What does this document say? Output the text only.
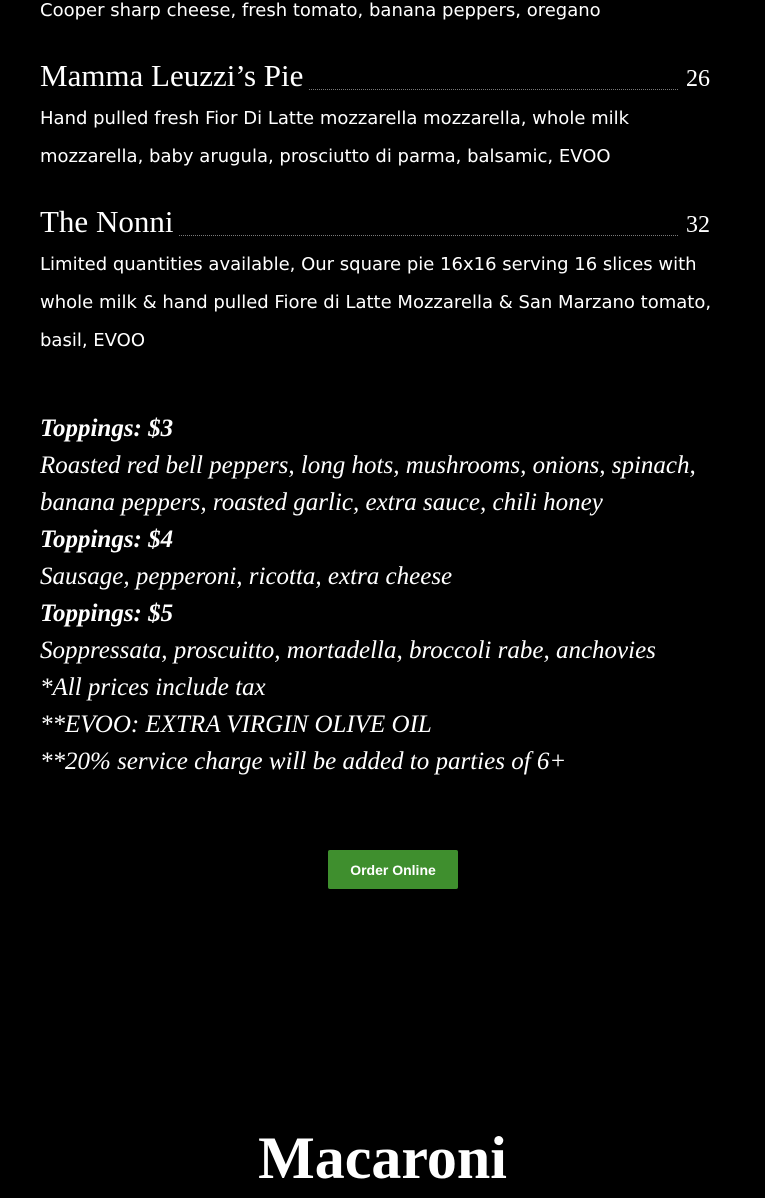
Cooper sharp cheese, fresh tomato, banana peppers, oregano

Mamma Leuzzi’s Pie	26

Hand pulled fresh Fior Di Latte mozzarella mozzarella, whole milk mozzarella, baby arugula, prosciutto di parma, balsamic, EVOO

The Nonni	32

Limited quantities available, Our square pie 16x16 serving 16 slices with whole milk & hand pulled Fiore di Latte Mozzarella & San Marzano tomato, basil, EVOO

Toppings: $3

Roasted red bell peppers, long hots, mushrooms, onions, spinach, banana peppers, roasted garlic, extra sauce, chili honey

Toppings: $4

Sausage, pepperoni, ricotta, extra cheese

Toppings: $5

Soppressata, proscuitto, mortadella, broccoli rabe, anchovies

*All prices include tax

**EVOO: EXTRA VIRGIN OLIVE OIL

**20% service charge will be added to parties of 6+

Order Online
Macaroni
